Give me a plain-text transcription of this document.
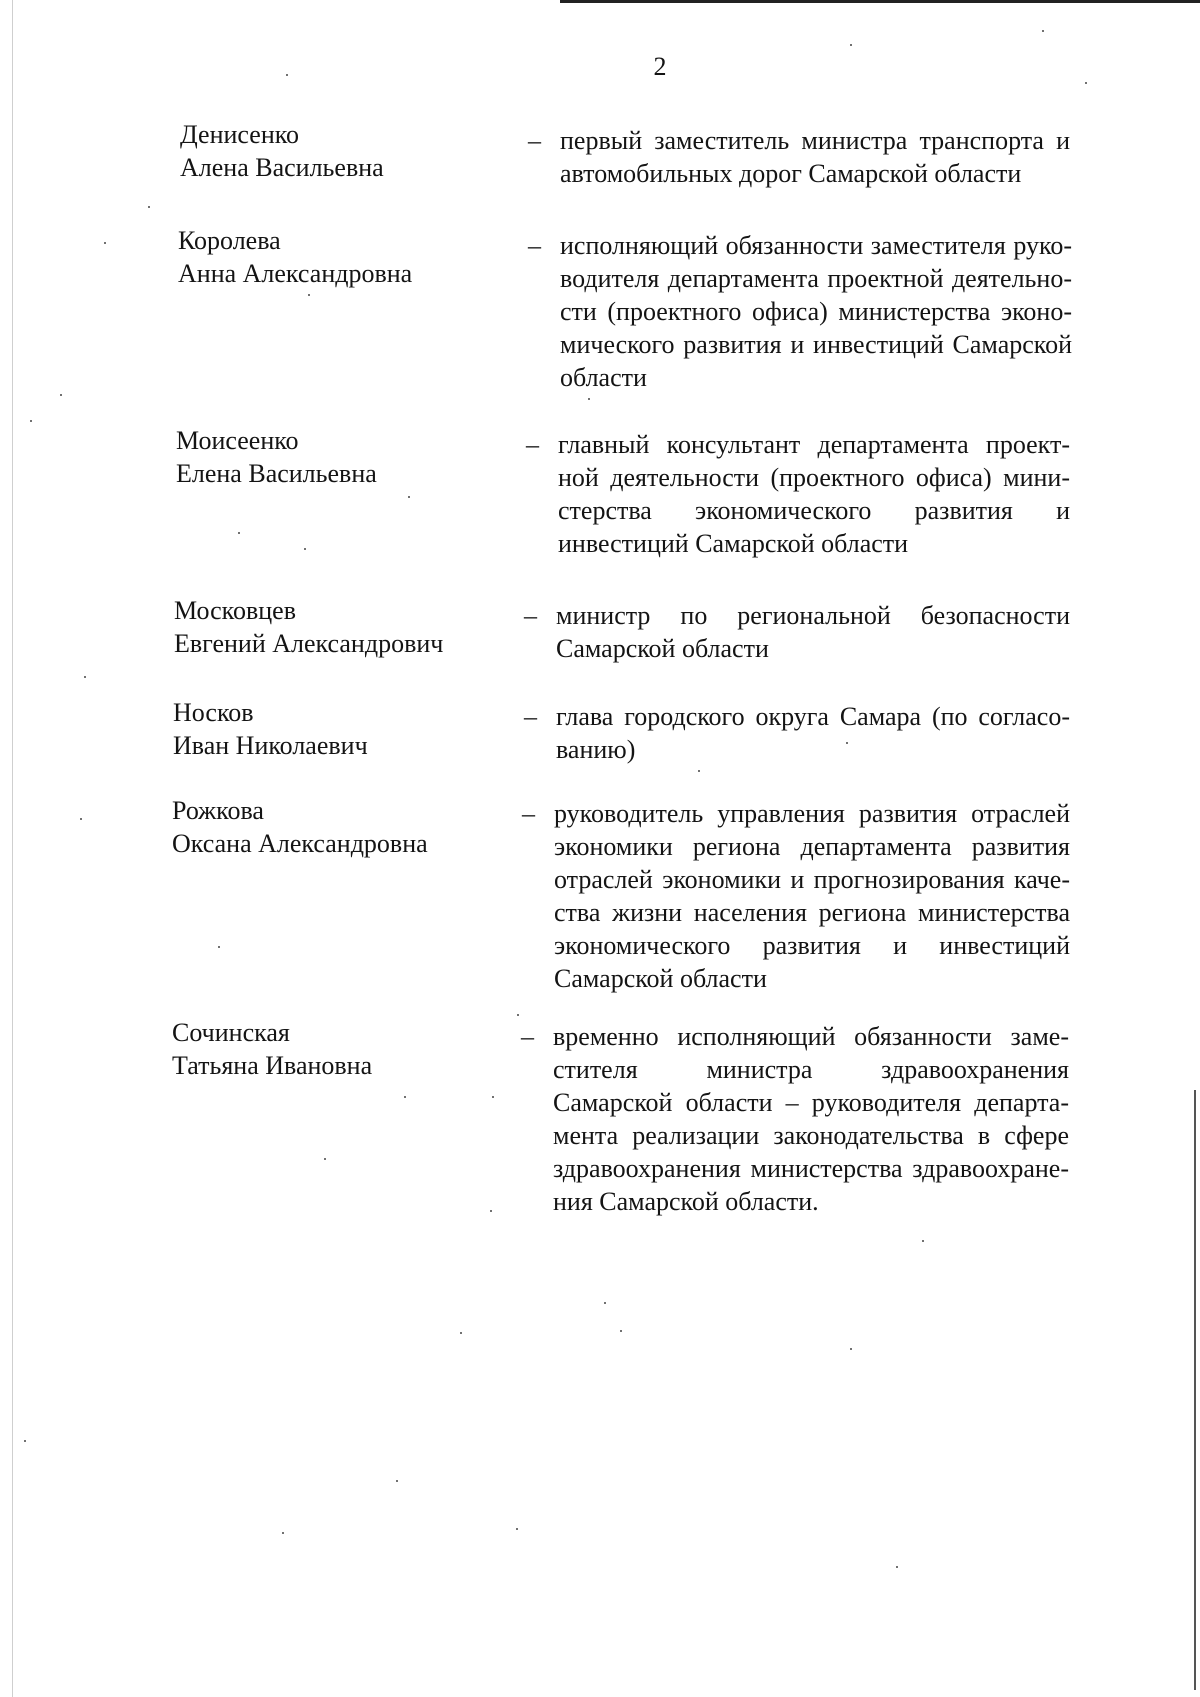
2
Денисенко
Алена Васильевна
– первый заместитель министра транспорта и автомобильных дорог Самарской области
Королева
Анна Александровна
– исполняющий обязанности заместителя руководителя департамента проектной деятельности (проектного офиса) министерства экономического развития и инвестиций Самарской области
Моисеенко
Елена Васильевна
– главный консультант департамента проектной деятельности (проектного офиса) министерства экономического развития и инвестиций Самарской области
Московцев
Евгений Александрович
– министр по региональной безопасности Самарской области
Носков
Иван Николаевич
– глава городского округа Самара (по согласованию)
Рожкова
Оксана Александровна
– руководитель управления развития отраслей экономики региона департамента развития отраслей экономики и прогнозирования качества жизни населения региона министерства экономического развития и инвестиций Самарской области
Сочинская
Татьяна Ивановна
– временно исполняющий обязанности заместителя министра здравоохранения Самарской области – руководителя департамента реализации законодательства в сфере здравоохранения министерства здравоохранения Самарской области.
